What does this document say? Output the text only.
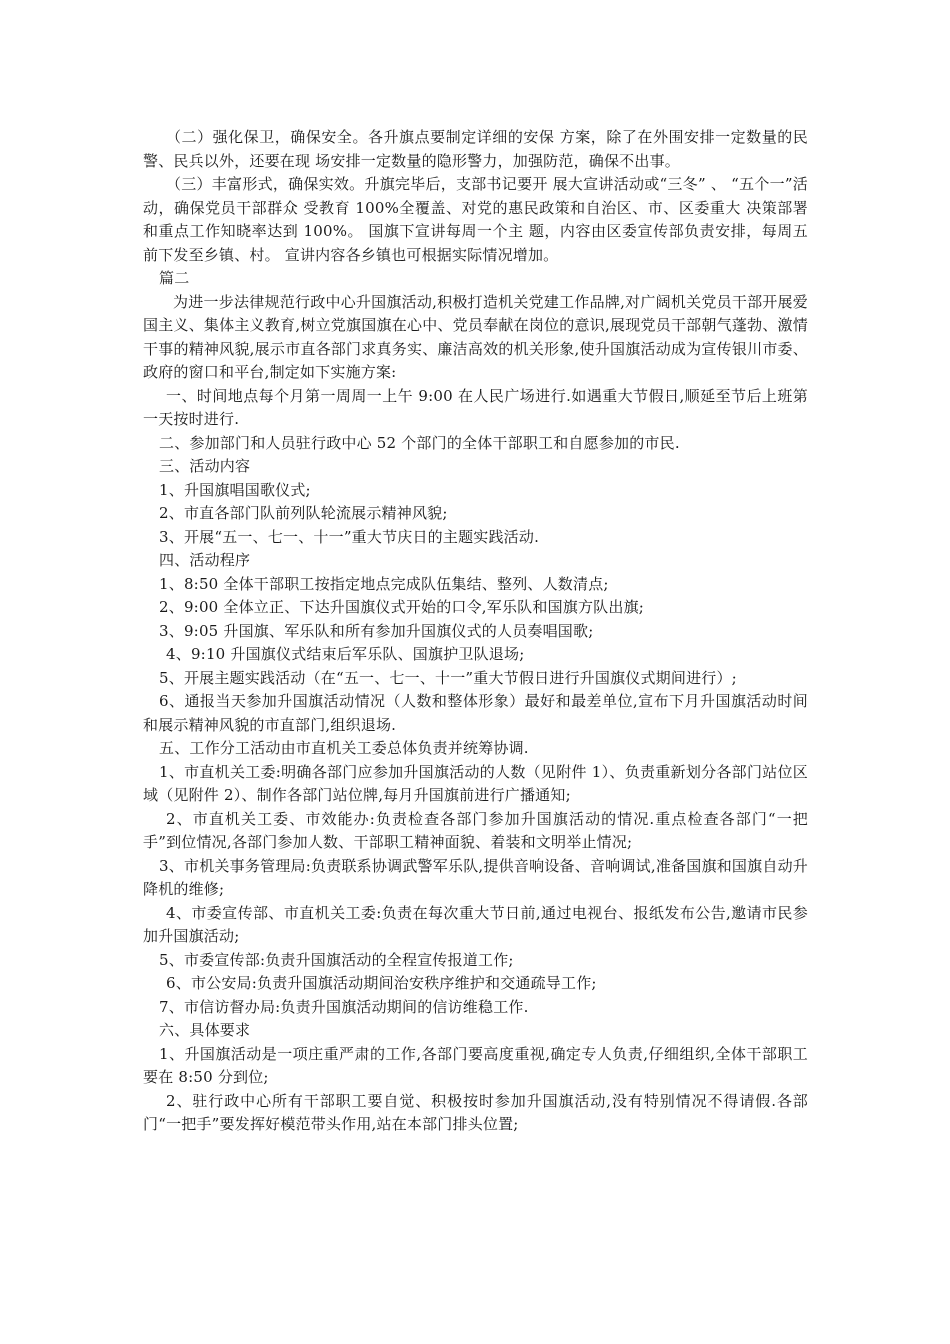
（二）强化保卫，确保安全。各升旗点要制定详细的安保 方案，除了在外围安排一定数量的民警、民兵以外，还要在现 场安排一定数量的隐形警力，加强防范，确保不出事。

（三）丰富形式，确保实效。升旗完毕后，支部书记要开 展大宣讲活动或“三冬” 、 “五个一”活动，确保党员干部群众 受教育 100%全覆盖、对党的惠民政策和自治区、市、区委重大 决策部署和重点工作知晓率达到 100%。 国旗下宣讲每周一个主 题，内容由区委宣传部负责安排，每周五前下发至乡镇、村。 宣讲内容各乡镇也可根据实际情况增加。

篇二

为进一步法律规范行政中心升国旗活动,积极打造机关党建工作品牌,对广阔机关党员干部开展爱国主义、集体主义教育,树立党旗国旗在心中、党员奉献在岗位的意识,展现党员干部朝气蓬勃、激情干事的精神风貌,展示市直各部门求真务实、廉洁高效的机关形象,使升国旗活动成为宣传银川市委、政府的窗口和平台,制定如下实施方案:

一、时间地点每个月第一周周一上午 9:00 在人民广场进行.如遇重大节假日,顺延至节后上班第一天按时进行.

二、参加部门和人员驻行政中心 52 个部门的全体干部职工和自愿参加的市民.

三、活动内容

1、升国旗唱国歌仪式;

2、市直各部门队前列队轮流展示精神风貌;

3、开展“五一、七一、十一”重大节庆日的主题实践活动.

四、活动程序

1、8:50 全体干部职工按指定地点完成队伍集结、整列、人数清点;

2、9:00 全体立正、下达升国旗仪式开始的口令,军乐队和国旗方队出旗;

3、9:05 升国旗、军乐队和所有参加升国旗仪式的人员奏唱国歌;

4、9:10 升国旗仪式结束后军乐队、国旗护卫队退场;

5、开展主题实践活动（在“五一、七一、十一”重大节假日进行升国旗仪式期间进行）;

6、通报当天参加升国旗活动情况（人数和整体形象）最好和最差单位,宣布下月升国旗活动时间和展示精神风貌的市直部门,组织退场.

五、工作分工活动由市直机关工委总体负责并统筹协调.

1、市直机关工委:明确各部门应参加升国旗活动的人数（见附件 1）、负责重新划分各部门站位区域（见附件 2）、制作各部门站位牌,每月升国旗前进行广播通知;

2、市直机关工委、市效能办:负责检查各部门参加升国旗活动的情况.重点检查各部门“一把手”到位情况,各部门参加人数、干部职工精神面貌、着装和文明举止情况;

3、市机关事务管理局:负责联系协调武警军乐队,提供音响设备、音响调试,准备国旗和国旗自动升降机的维修;

4、市委宣传部、市直机关工委:负责在每次重大节日前,通过电视台、报纸发布公告,邀请市民参加升国旗活动;

5、市委宣传部:负责升国旗活动的全程宣传报道工作;

6、市公安局:负责升国旗活动期间治安秩序维护和交通疏导工作;

7、市信访督办局:负责升国旗活动期间的信访维稳工作.

六、具体要求

1、升国旗活动是一项庄重严肃的工作,各部门要高度重视,确定专人负责,仔细组织,全体干部职工要在 8:50 分到位;

2、驻行政中心所有干部职工要自觉、积极按时参加升国旗活动,没有特别情况不得请假.各部门“一把手”要发挥好模范带头作用,站在本部门排头位置;
